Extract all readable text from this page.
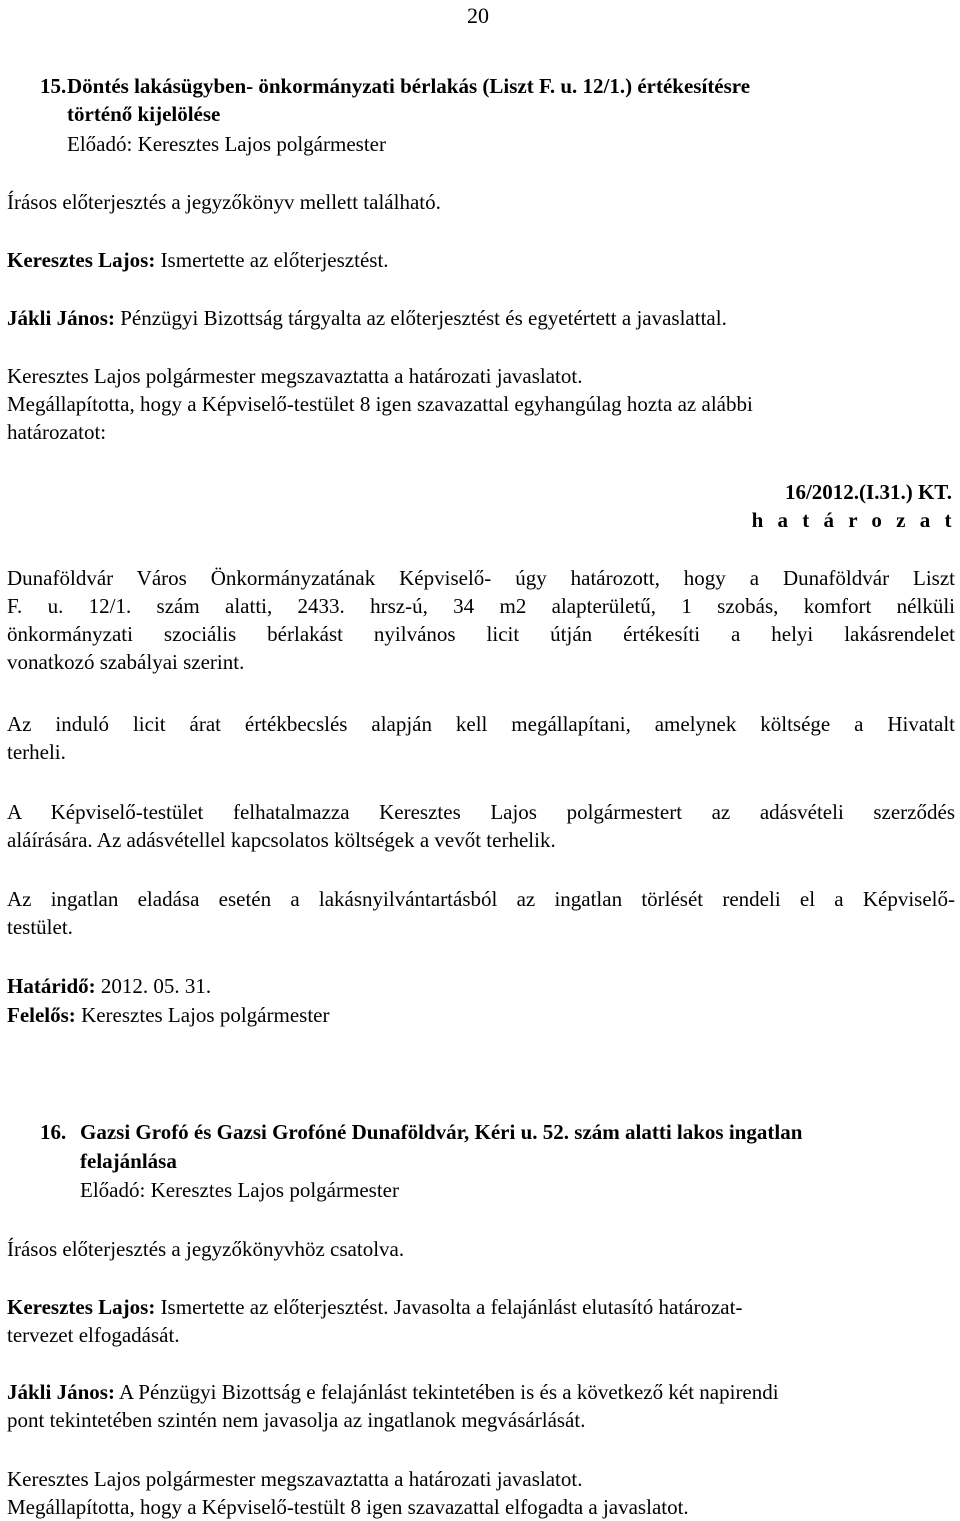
20
15. Döntés lakásügyben- önkormányzati bérlakás (Liszt F. u. 12/1.) értékesítésre
történő kijelölése
Előadó: Keresztes Lajos polgármester
Írásos előterjesztés a jegyzőkönyv mellett található.
Keresztes Lajos: Ismertette az előterjesztést.
Jákli János: Pénzügyi Bizottság tárgyalta az előterjesztést és egyetértett a javaslattal.
Keresztes Lajos polgármester megszavaztatta a határozati javaslatot.
Megállapította, hogy a Képviselő-testület 8 igen szavazattal egyhangúlag hozta az alábbi
határozatot:
16/2012.(I.31.) KT.
h a t á r o z a t
Dunaföldvár Város Önkormányzatának Képviselő- úgy határozott, hogy a Dunaföldvár Liszt
F. u. 12/1. szám alatti, 2433. hrsz-ú, 34 m2 alapterületű, 1 szobás, komfort nélküli
önkormányzati szociális bérlakást nyilvános licit útján értékesíti a helyi lakásrendelet
vonatkozó szabályai szerint.
Az induló licit árat értékbecslés alapján kell megállapítani, amelynek költsége a Hivatalt
terheli.
A Képviselő-testület felhatalmazza Keresztes Lajos polgármestert az adásvételi szerződés
aláírására. Az adásvétellel kapcsolatos költségek a vevőt terhelik.
Az ingatlan eladása esetén a lakásnyilvántartásból az ingatlan törlését rendeli el a Képviselő-
testület.
Határidő: 2012. 05. 31.
Felelős: Keresztes Lajos polgármester
16. Gazsi Grofó és Gazsi Grofóné Dunaföldvár, Kéri u. 52. szám alatti lakos ingatlan
felajánlása
Előadó: Keresztes Lajos polgármester
Írásos előterjesztés a jegyzőkönyvhöz csatolva.
Keresztes Lajos: Ismertette az előterjesztést. Javasolta a felajánlást elutasító határozat-
tervezet elfogadását.
Jákli János: A Pénzügyi Bizottság e felajánlást tekintetében is és a következő két napirendi
pont tekintetében szintén nem javasolja az ingatlanok megvásárlását.
Keresztes Lajos polgármester megszavaztatta a határozati javaslatot.
Megállapította, hogy a Képviselő-testült 8 igen szavazattal elfogadta a javaslatot.
